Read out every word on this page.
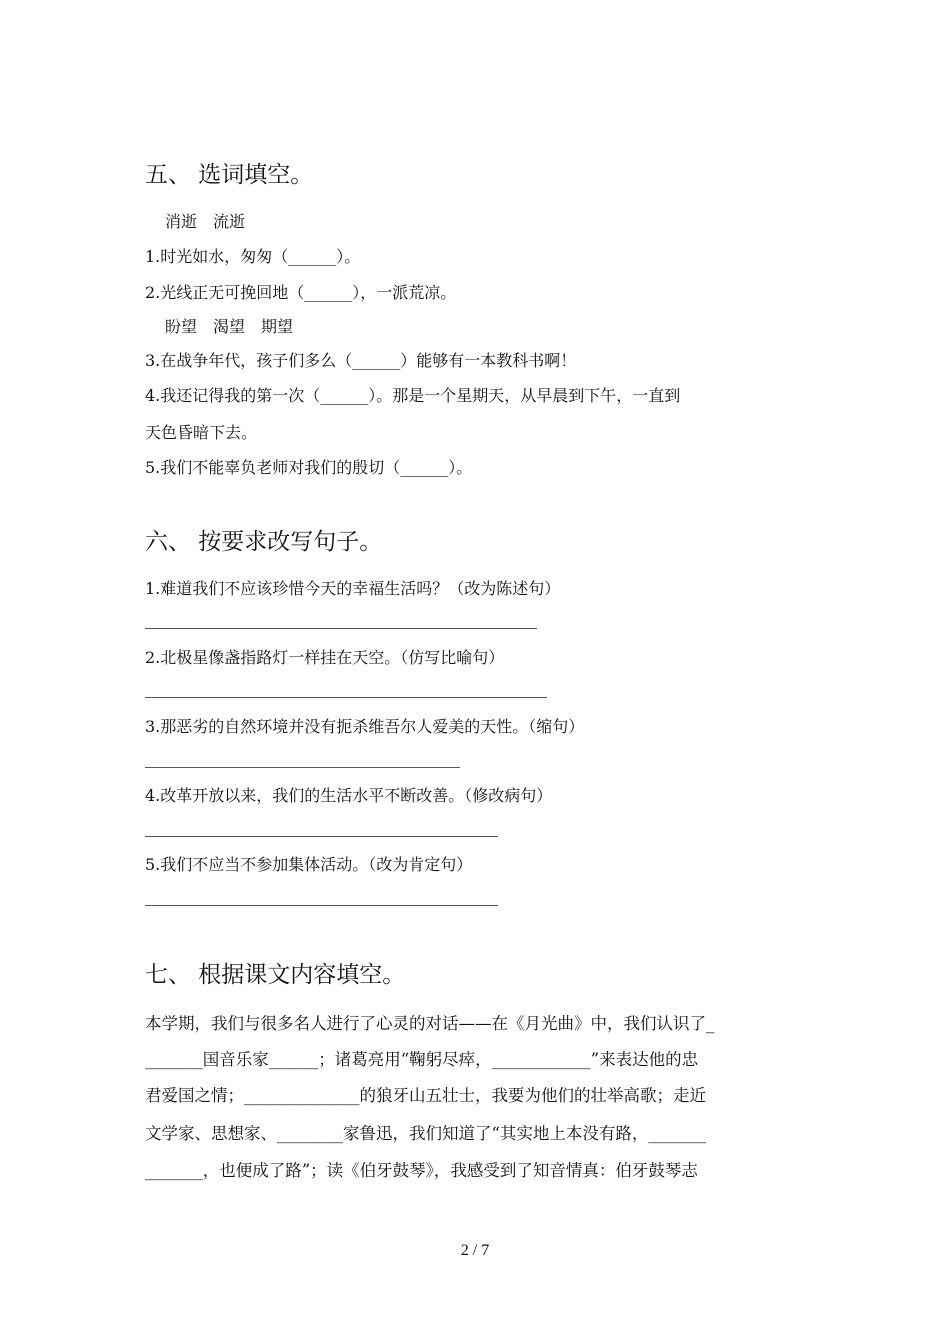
五、 选词填空。
消逝　流逝
1.时光如水，匆匆（______）。
2.光线正无可挽回地（______），一派荒凉。
盼望　渴望　期望
3.在战争年代，孩子们多么（______）能够有一本教科书啊！
4.我还记得我的第一次（______）。那是一个星期天，从早晨到下午，一直到
天色昏暗下去。
5.我们不能辜负老师对我们的殷切（______）。
六、 按要求改写句子。
1.难道我们不应该珍惜今天的幸福生活吗？（改为陈述句）
2.北极星像盏指路灯一样挂在天空。（仿写比喻句）
3.那恶劣的自然环境并没有扼杀维吾尔人爱美的天性。（缩句）
4.改革开放以来，我们的生活水平不断改善。（修改病句）
5.我们不应当不参加集体活动。（改为肯定句）
七、 根据课文内容填空。
本学期，我们与很多名人进行了心灵的对话——在《月光曲》中，我们认识了_
_______国音乐家______；诸葛亮用“鞠躬尽瘁，____________”来表达他的忠
君爱国之情；______________的狼牙山五壮士，我要为他们的壮举高歌；走近
文学家、思想家、________家鲁迅，我们知道了“其实地上本没有路，_______
_______，也便成了路”；读《伯牙鼓琴》，我感受到了知音情真：伯牙鼓琴志
2 / 7
